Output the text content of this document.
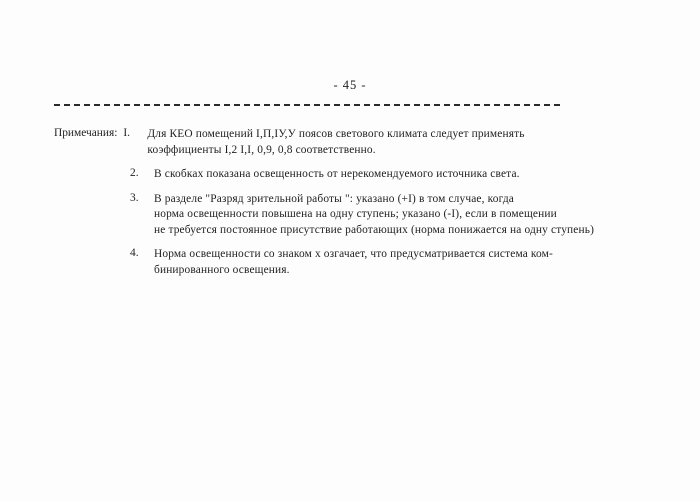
- 45 -
Примечания: I.	Для КЕО помещений I,П,IУ,У поясов светового климата следует применять
коэффициенты I,2 I,I, 0,9, 0,8 соответственно.
2.	В скобках показана освещенность от нерекомендуемого источника света.
3.	В разделе "Разряд зрительной работы ": указано (+I) в том случае, когда
норма освещенности повышена на одну ступень; указано (-I), если в помещении
не требуется постоянное присутствие работающих (норма понижается на одну ступень)
4.	Норма освещенности со знаком х озгачает, что предусматривается система ком-
бинированного освещения.
